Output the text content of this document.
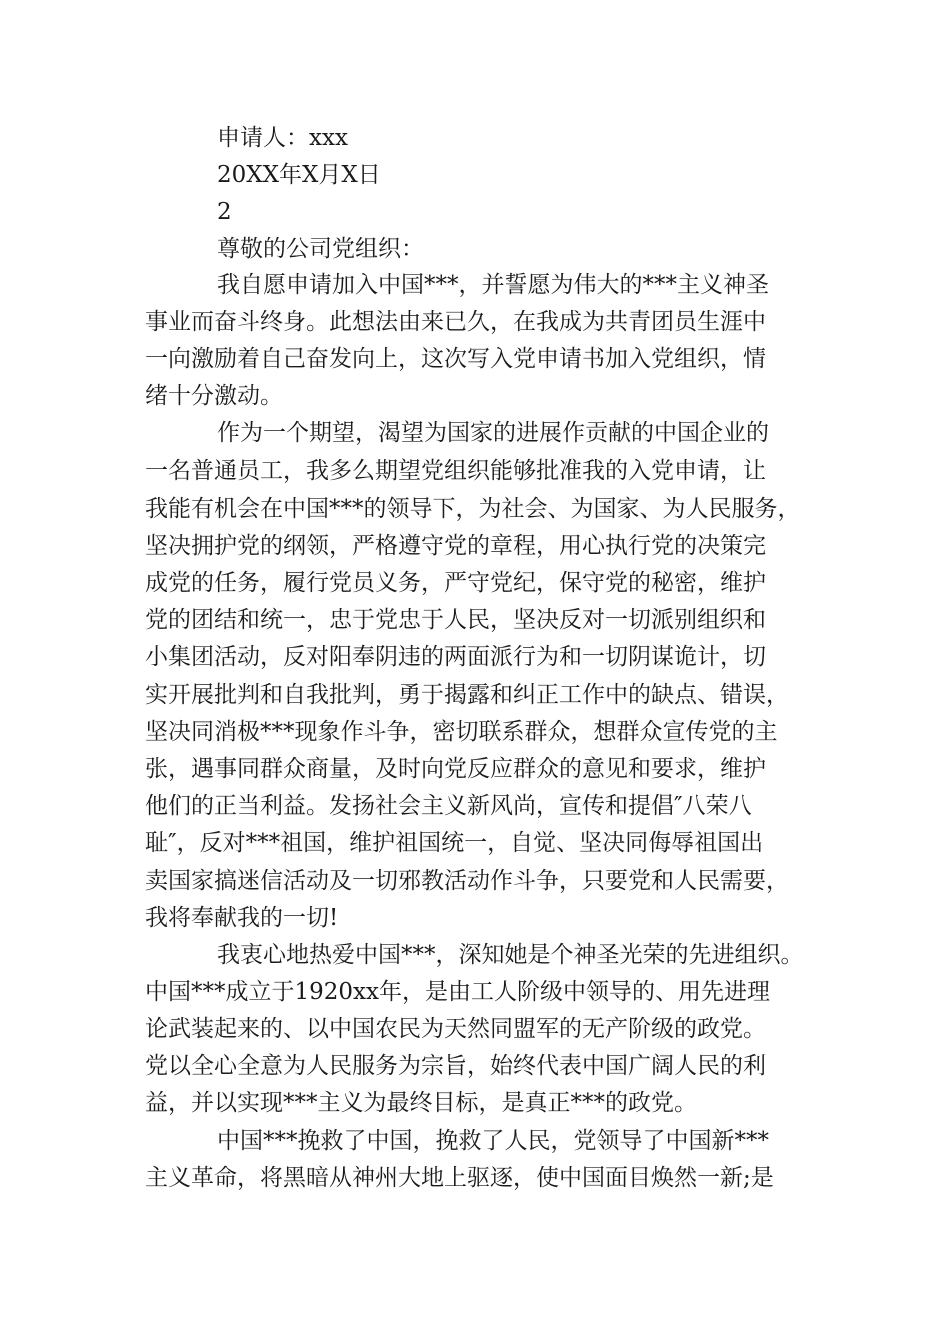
申请人：xxx
20XX年X月X日
2
尊敬的公司党组织：
我自愿申请加入中国***，并誓愿为伟大的***主义神圣
事业而奋斗终身。此想法由来已久，在我成为共青团员生涯中
一向激励着自己奋发向上，这次写入党申请书加入党组织，情
绪十分激动。
作为一个期望，渴望为国家的进展作贡献的中国企业的
一名普通员工，我多么期望党组织能够批准我的入党申请，让
我能有机会在中国***的领导下，为社会、为国家、为人民服务，
坚决拥护党的纲领，严格遵守党的章程，用心执行党的决策完
成党的任务，履行党员义务，严守党纪，保守党的秘密，维护
党的团结和统一，忠于党忠于人民，坚决反对一切派别组织和
小集团活动，反对阳奉阴违的两面派行为和一切阴谋诡计，切
实开展批判和自我批判，勇于揭露和纠正工作中的缺点、错误，
坚决同消极***现象作斗争，密切联系群众，想群众宣传党的主
张，遇事同群众商量，及时向党反应群众的意见和要求，维护
他们的正当利益。发扬社会主义新风尚，宣传和提倡″八荣八
耻″，反对***祖国，维护祖国统一，自觉、坚决同侮辱祖国出
卖国家搞迷信活动及一切邪教活动作斗争，只要党和人民需要，
我将奉献我的一切!
我衷心地热爱中国***，深知她是个神圣光荣的先进组织。
中国***成立于1920xx年，是由工人阶级中领导的、用先进理
论武装起来的、以中国农民为天然同盟军的无产阶级的政党。
党以全心全意为人民服务为宗旨，始终代表中国广阔人民的利
益，并以实现***主义为最终目标，是真正***的政党。
中国***挽救了中国，挽救了人民，党领导了中国新***
主义革命，将黑暗从神州大地上驱逐，使中国面目焕然一新;是
